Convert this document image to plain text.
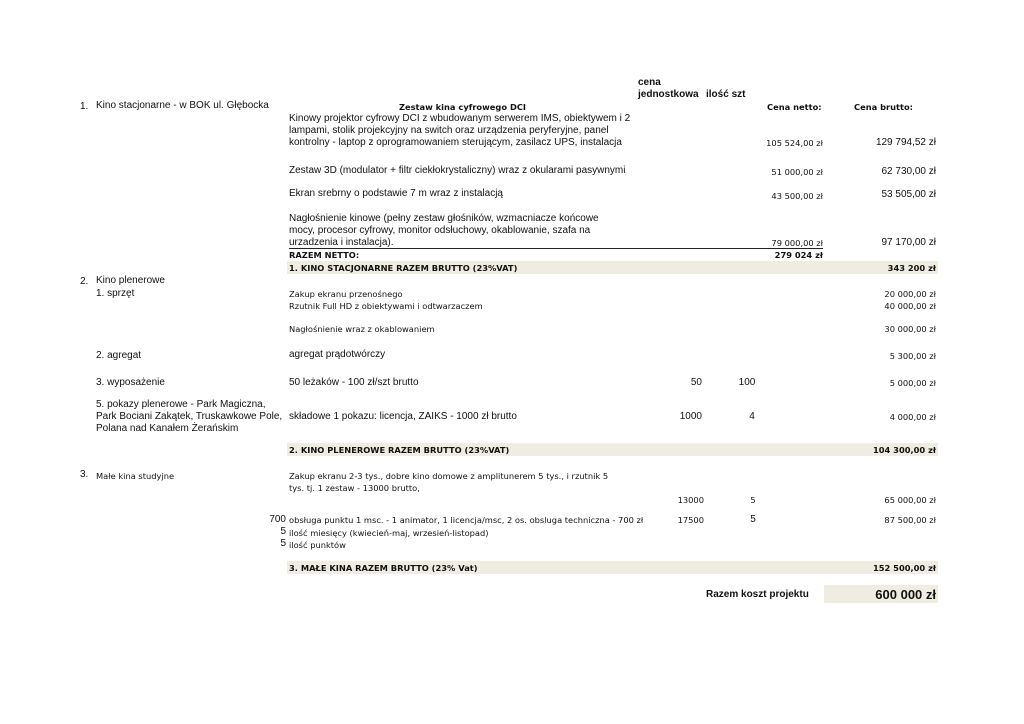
cena jednostkowa ilość szt
Zestaw kina cyfrowego DCI	Cena netto:	Cena brutto:
1. Kino stacjonarne - w BOK ul. Głębocka
Kinowy projektor cyfrowy DCI z wbudowanym serwerem IMS, obiektywem i 2 lampami, stolik projekcyjny na switch oraz urządzenia peryferyjne, panel kontrolny - laptop z oprogramowaniem sterującym, zasilacz UPS, instalacja	105 524,00 zł	129 794,52 zł
Zestaw 3D (modulator + filtr ciekłokrystaliczny) wraz z okularami pasywnymi	51 000,00 zł	62 730,00 zł
Ekran srebrny o podstawie 7 m wraz z instalacją	43 500,00 zł	53 505,00 zł
Nagłośnienie kinowe (pełny zestaw głośników, wzmacniacze końcowe mocy, procesor cyfrowy, monitor odsłuchowy, okablowanie, szafa na urzadzenia i instalacja).	79 000,00 zł	97 170,00 zł
RAZEM NETTO:	279 024 zł
1. KINO STACJONARNE RAZEM BRUTTO (23%VAT)	343 200 zł
2. Kino plenerowe
1. sprzęt	Zakup ekranu przenośnego	20 000,00 zł
Rzutnik Full HD z obiektywami i odtwarzaczem	40 000,00 zł
Nagłośnienie wraz z okablowaniem	30 000,00 zł
2. agregat	agregat prądotwórczy	5 300,00 zł
3. wyposażenie	50 leżaków - 100 zł/szt brutto	50	100	5 000,00 zł
5. pokazy plenerowe - Park Magiczna, Park Bociani Zakątek, Truskawkowe Pole, Polana nad Kanałem Żerańskim
składowe 1 pokazu: licencja, ZAIKS - 1000 zł brutto	1000	4	4 000,00 zł
2. KINO PLENEROWE RAZEM BRUTTO (23%VAT)	104 300,00 zł
3. Małe kina studyjne	Zakup ekranu 2-3 tys., dobre kino domowe z amplitunerem 5 tys., i rzutnik 5 tys. tj. 1 zestaw - 13000 brutto,
13000	5	65 000,00 zł
700 obsługa punktu 1 msc. - 1 animator, 1 licencja/msc, 2 os. obsluga techniczna - 700 zł	17500	5	87 500,00 zł
5 ilość miesięcy (kwiecień-maj, wrzesień-listopad)
5 ilość punktów
3. MAŁE KINA RAZEM BRUTTO (23% Vat)	152 500,00 zł
Razem koszt projektu	600 000 zł
